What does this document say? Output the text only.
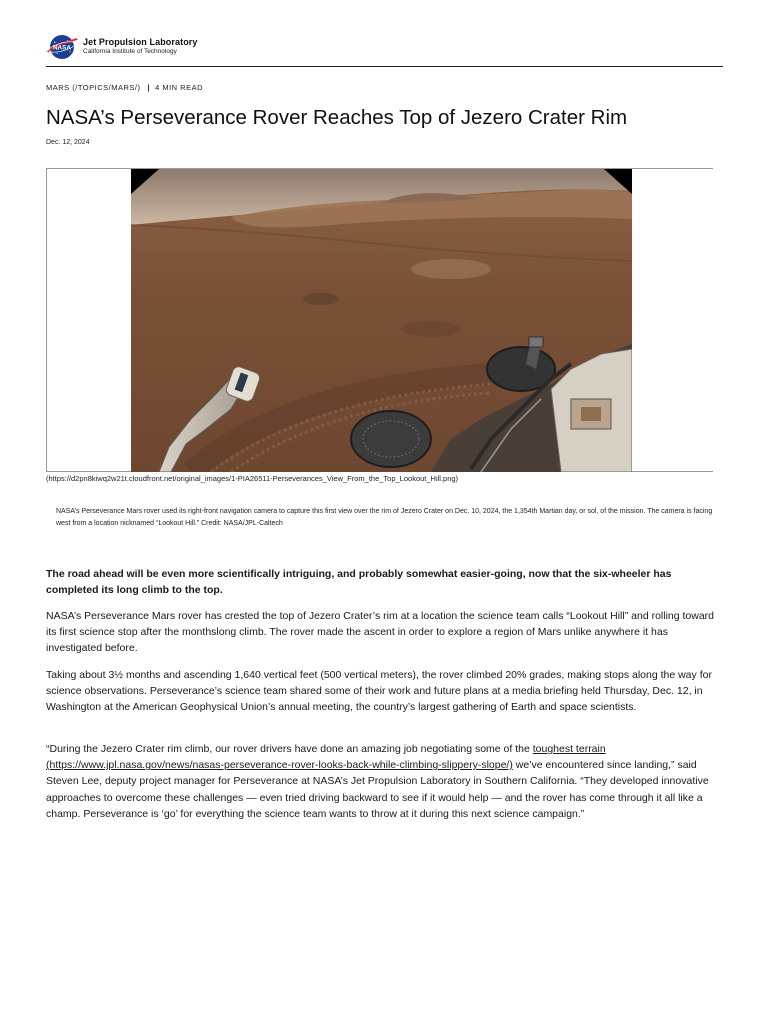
NASA
Jet Propulsion Laboratory
California Institute of Technology
MARS (/TOPICS/MARS/) | 4 MIN READ
NASA’s Perseverance Rover Reaches Top of Jezero Crater Rim
Dec. 12, 2024
(https://d2pn8kiwq2w21t.cloudfront.net/original_images/1-PIA26511-Perseverances_View_From_the_Top_Lookout_Hill.png)
NASA’s Perseverance Mars rover used its right-front navigation camera to capture this first view over the rim of Jezero Crater on Dec. 10, 2024, the 1,354th Martian day, or sol, of the mission. The camera is facing west from a location nicknamed “Lookout Hill.” Credit: NASA/JPL-Caltech

The road ahead will be even more scientifically intriguing, and probably somewhat easier-going, now that the six-wheeler has completed its long climb to the top.

NASA’s Perseverance Mars rover has crested the top of Jezero Crater’s rim at a location the science team calls “Lookout Hill” and rolling toward its first science stop after the monthslong climb. The rover made the ascent in order to explore a region of Mars unlike anywhere it has investigated before.

Taking about 3½ months and ascending 1,640 vertical feet (500 vertical meters), the rover climbed 20% grades, making stops along the way for science observations. Perseverance’s science team shared some of their work and future plans at a media briefing held Thursday, Dec. 12, in Washington at the American Geophysical Union’s annual meeting, the country’s largest gathering of Earth and space scientists.

“During the Jezero Crater rim climb, our rover drivers have done an amazing job negotiating some of the toughest terrain (https://www.jpl.nasa.gov/news/nasas-perseverance-rover-looks-back-while-climbing-slippery-slope/) we’ve encountered since landing,” said Steven Lee, deputy project manager for Perseverance at NASA’s Jet Propulsion Laboratory in Southern California. “They developed innovative approaches to overcome these challenges — even tried driving backward to see if it would help — and the rover has come through it all like a champ. Perseverance is ‘go’ for everything the science team wants to throw at it during this next science campaign.”
